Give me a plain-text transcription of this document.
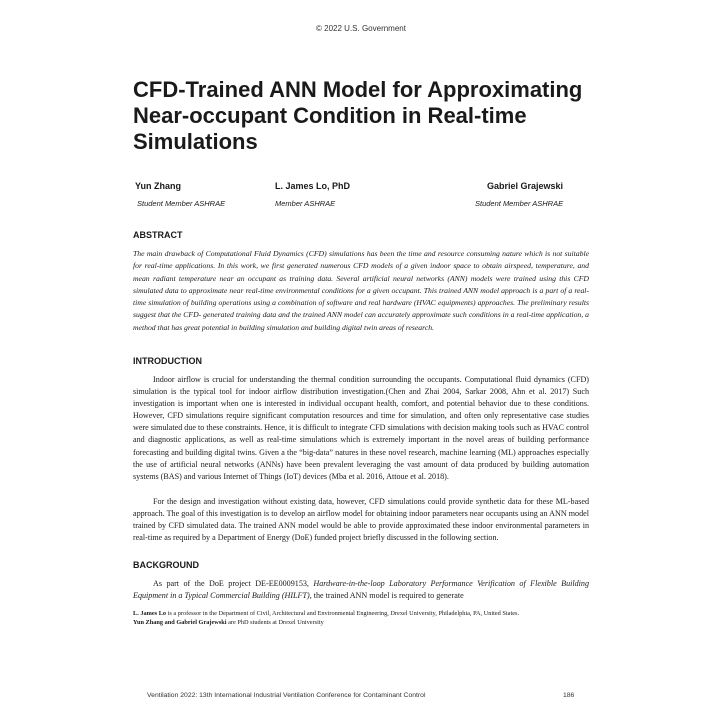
© 2022 U.S. Government
CFD-Trained ANN Model for Approximating Near-occupant Condition in Real-time Simulations
Yun Zhang
Student Member ASHRAE
L. James Lo, PhD
Member ASHRAE
Gabriel Grajewski
Student Member ASHRAE
ABSTRACT

The main drawback of Computational Fluid Dynamics (CFD) simulations has been the time and resource consuming nature which is not suitable for real-time applications. In this work, we first generated numerous CFD models of a given indoor space to obtain airspeed, temperature, and mean radiant temperature near an occupant as training data. Several artificial neural networks (ANN) models were trained using this CFD simulated data to approximate near real-time environmental conditions for a given occupant. This trained ANN model approach is a part of a real-time simulation of building operations using a combination of software and real hardware (HVAC equipments) approaches. The preliminary results suggest that the CFD- generated training data and the trained ANN model can accurately approximate such conditions in a real-time application, a method that has great potential in building simulation and building digital twin areas of research.

INTRODUCTION

Indoor airflow is crucial for understanding the thermal condition surrounding the occupants. Computational fluid dynamics (CFD) simulation is the typical tool for indoor airflow distribution investigation.(Chen and Zhai 2004, Sarkar 2008, Ahn et al. 2017) Such investigation is important when one is interested in individual occupant health, comfort, and potential behavior due to these conditions. However, CFD simulations require significant computation resources and time for simulation, and often only representative case studies were simulated due to these constraints. Hence, it is difficult to integrate CFD simulations with decision making tools such as HVAC control and diagnostic applications, as well as real-time simulations which is extremely important in the novel areas of building performance forecasting and building digital twins. Given a the “big-data” natures in these novel research, machine learning (ML) approaches especially the use of artificial neural networks (ANNs) have been prevalent leveraging the vast amount of data produced by building automation systems (BAS) and various Internet of Things (IoT) devices (Mba et al. 2016, Attoue et al. 2018).

For the design and investigation without existing data, however, CFD simulations could provide synthetic data for these ML-based approach. The goal of this investigation is to develop an airflow model for obtaining indoor parameters near occupants using an ANN model trained by CFD simulated data. The trained ANN model would be able to provide approximated these indoor environmental parameters in real-time as required by a Department of Energy (DoE) funded project briefly discussed in the following section.

BACKGROUND

As part of the DoE project DE-EE0009153, Hardware-in-the-loop Laboratory Performance Verification of Flexible Building Equipment in a Typical Commercial Building (HILFT), the trained ANN model is required to generate

L. James Lo is a professor in the Department of Civil, Architectural and Environmental Engineering, Drexel University, Philadelphia, PA, United States.
Yun Zhang and Gabriel Grajewski are PhD students at Drexel University

Ventilation 2022: 13th International Industrial Ventilation Conference for Contaminant Control	186
